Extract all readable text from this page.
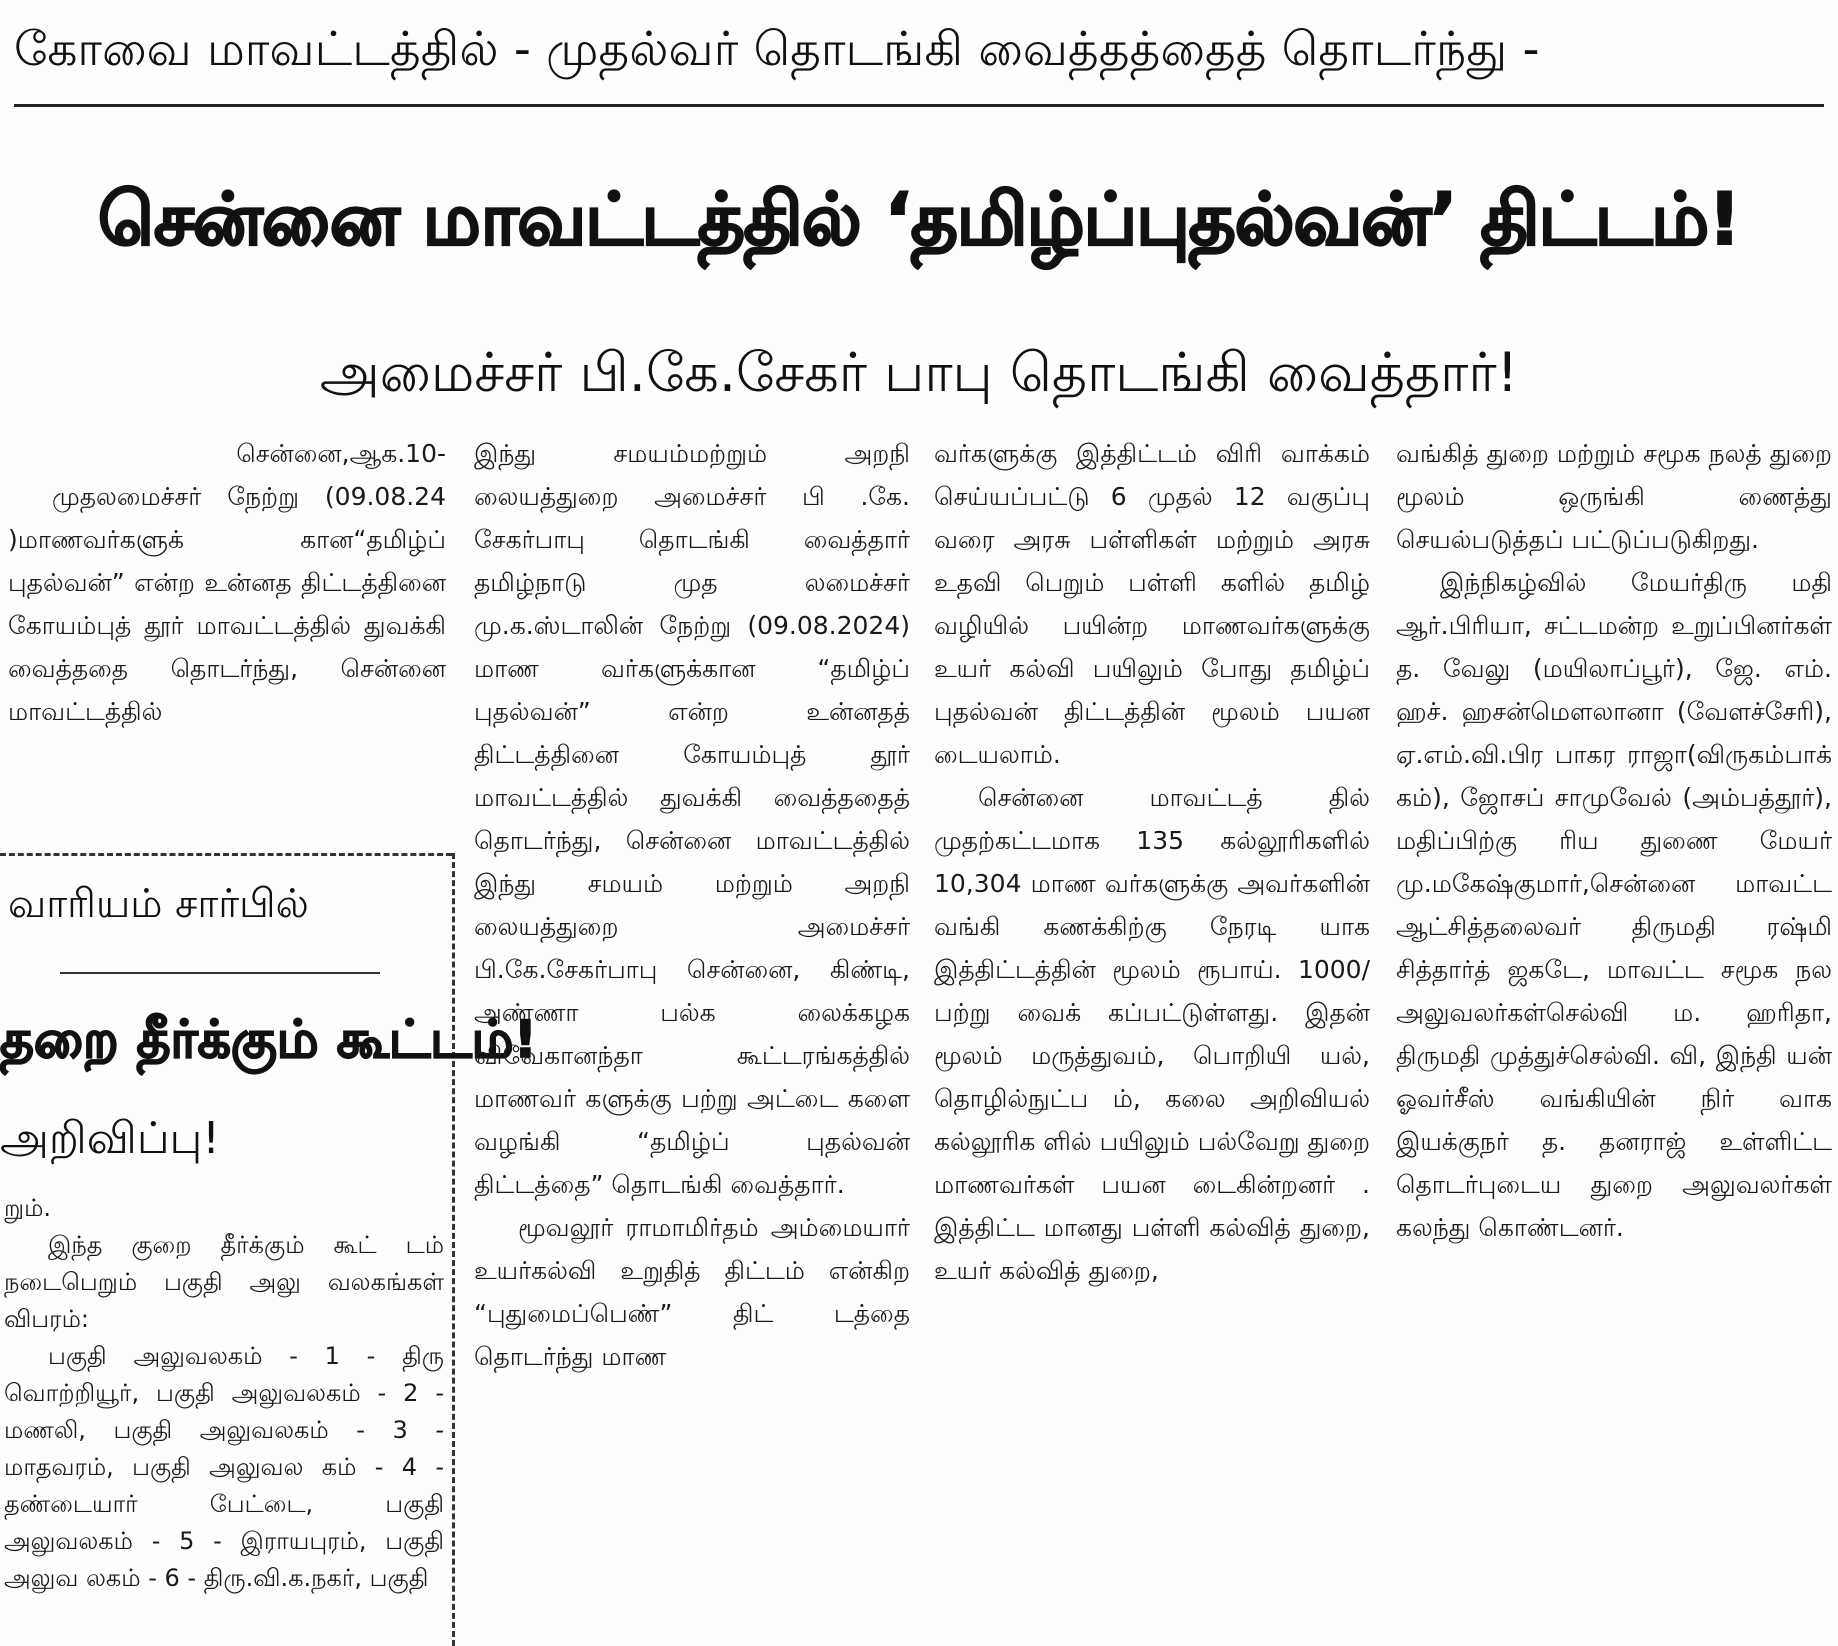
கோவை மாவட்டத்தில் - முதல்வர் தொடங்கி வைத்தத்தைத் தொடர்ந்து -
சென்னை மாவட்டத்தில் ‘தமிழ்ப்புதல்வன்’ திட்டம்!
அமைச்சர் பி.கே.சேகர் பாபு தொடங்கி வைத்தார்!

சென்னை,ஆக.10-

முதலமைச்சர் நேற்று (09.08.24 )மாணவர்களுக் கான“தமிழ்ப் புதல்வன்” என்ற உன்னத திட்டத்தினை கோயம்புத் தூர் மாவட்டத்தில் துவக்கி வைத்ததை தொடர்ந்து, சென்னை மாவட்டத்தில்

வாரியம் சார்பில்
தறை தீர்க்கும் கூட்டம்!
அறிவிப்பு!

றும்.

இந்த குறை தீர்க்கும் கூட் டம் நடைபெறும் பகுதி அலு வலகங்கள் விபரம்:

பகுதி அலுவலகம் - 1 - திரு வொற்றியூர், பகுதி அலுவலகம் - 2 - மணலி, பகுதி அலுவலகம் - 3 - மாதவரம், பகுதி அலுவல கம் - 4 - தண்டையார் பேட்டை, பகுதி அலுவலகம் - 5 - இராயபுரம், பகுதி அலுவ லகம் - 6 - திரு.வி.க.நகர், பகுதி

இந்து சமயம்மற்றும் அறநி லையத்துறை அமைச்சர் பி .கே. சேகர்பாபு தொடங்கி வைத்தார் தமிழ்நாடு முத லமைச்சர் மு.க.ஸ்டாலின் நேற்று (09.08.2024) மாண வர்களுக்கான “தமிழ்ப் புதல்வன்” என்ற உன்னதத் திட்டத்தினை கோயம்புத் தூர் மாவட்டத்தில் துவக்கி வைத்ததைத் தொடர்ந்து, சென்னை மாவட்டத்தில் இந்து சமயம் மற்றும் அறநி லையத்துறை அமைச்சர் பி.கே.சேகர்பாபு சென்னை, கிண்டி, அண்ணா பல்க லைக்கழக விவேகானந்தா கூட்டரங்கத்தில் மாணவர் களுக்கு பற்று அட்டை களை வழங்கி “தமிழ்ப் புதல்வன் திட்டத்தை” தொடங்கி வைத்தார்.

மூவலூர் ராமாமிர்தம் அம்மையார் உயர்கல்வி உறுதித் திட்டம் என்கிற “புதுமைப்பெண்” திட் டத்தை தொடர்ந்து மாண

வர்களுக்கு இத்திட்டம் விரி வாக்கம் செய்யப்பட்டு 6 முதல் 12 வகுப்பு வரை அரசு பள்ளிகள் மற்றும் அரசு உதவி பெறும் பள்ளி களில் தமிழ் வழியில் பயின்ற மாணவர்களுக்கு உயர் கல்வி பயிலும் போது தமிழ்ப் புதல்வன் திட்டத்தின் மூலம் பயன டையலாம்.

சென்னை மாவட்டத் தில் முதற்கட்டமாக 135 கல்லூரிகளில் 10,304 மாண வர்களுக்கு அவர்களின் வங்கி கணக்கிற்கு நேரடி யாக இத்திட்டத்தின் மூலம் ரூபாய். 1000/ பற்று வைக் கப்பட்டுள்ளது. இதன் மூலம் மருத்துவம், பொறியி யல், தொழில்நுட்ப ம், கலை அறிவியல் கல்லூரிக ளில் பயிலும் பல்வேறு துறை மாணவர்கள் பயன டைகின்றனர் . இத்திட்ட மானது பள்ளி கல்வித் துறை, உயர் கல்வித் துறை,

வங்கித் துறை மற்றும் சமூக நலத் துறை மூலம் ஒருங்கி ணைத்து செயல்படுத்தப் பட்டுப்படுகிறது.

இந்நிகழ்வில் மேயர்திரு மதி ஆர்.பிரியா, சட்டமன்ற உறுப்பினர்கள் த. வேலு (மயிலாப்பூர்), ஜே. எம். ஹச். ஹசன்மௌலானா (வேளச்சேரி), ஏ.எம்.வி.பிர பாகர ராஜா(விருகம்பாக் கம்), ஜோசப் சாமுவேல் (அம்பத்தூர்), மதிப்பிற்கு ரிய துணை மேயர் மு.மகேஷ்குமார்,சென்னை மாவட்ட ஆட்சித்தலைவர் திருமதி ரஷ்மி சித்தார்த் ஜகடே, மாவட்ட சமூக நல அலுவலர்கள்செல்வி ம. ஹரிதா, திருமதி முத்துச்செல்வி. வி, இந்தி யன் ஓவர்சீஸ் வங்கியின் நிர் வாக இயக்குநர் த. தனராஜ் உள்ளிட்ட தொடர்புடைய துறை அலுவலர்கள் கலந்து கொண்டனர்.
